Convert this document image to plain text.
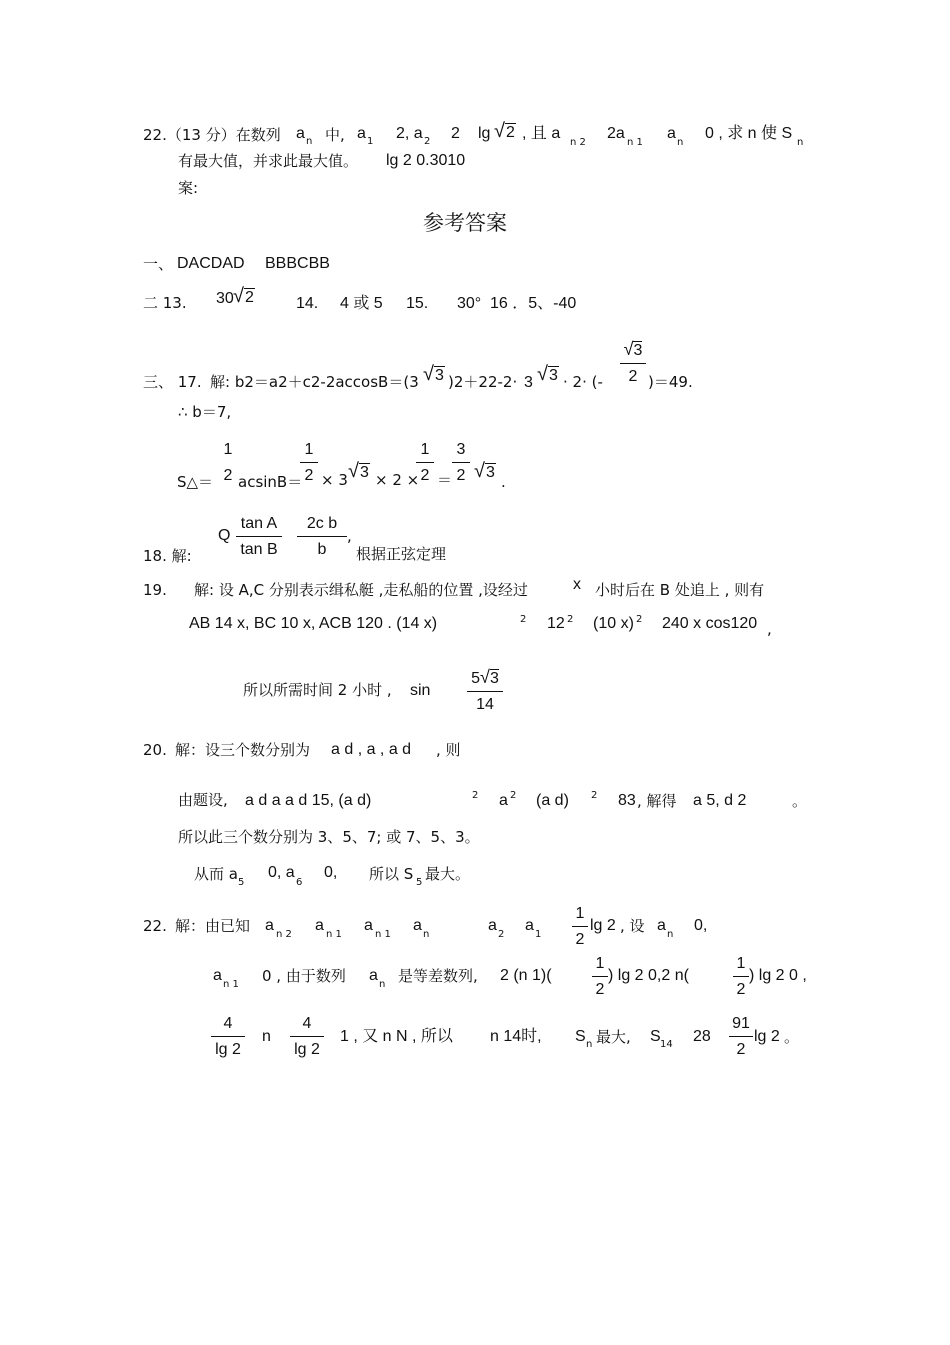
22.（13 分）在数列 a n 中, a 1 2, a 2 2 lg √2 , 且 a
n 2
2a
n 1
a
n
0 , 求 n 使 S
n
有最大值，并求此最大值。 lg 2 0.3010
案:
参考答案
一、 DACDAD BBBCBB
二 13. 30 √2	14. 4 或 5 15. 30° 16 ．5、-40
三、 17. 解: b2＝a2＋c2-2accosB＝(3 √3 )2＋22-2· 3 √3 · 2· (-
√3
2 )＝49.
∴ b＝7,
S△＝
1
2 acsinB＝
1
2 × 3 √3 × 2 ×
1
2 ＝
3
2 √3
.
18. 解:
Q
tan A
tan B
2c b
b
,
根据正弦定理
19. 解: 设 A,C 分别表示缉私艇 ,走私船的位置 ,设经过	x 小时后在 B 处追上 , 则有
AB 14 x, BC 10 x, ACB 120 . (14 x)	2 12 2 (10 x) 2 240 x cos120 ,
所以所需时间 2 小时 , sin
5√3
14
20. 解：设三个数分别为 a d , a , a d , 则
由题设, a d a a d 15, (a d)	2 a 2 (a d) 2 83 , 解得 a 5, d 2	。
所以此三个数分别为 3、5、7; 或 7、5、3。
从而 a 5
0, a
6
0, 所以 S 5 最大。
22. 解：由已知 a
n 2
a
n 1
a
n 1
a
n
a
2
a
1
1
2
lg 2 , 设 a
n
0,
a
n 1 0 , 由于数列 a
n 是等差数列, 2 (n 1)(
1
2
) lg 2 0,2 n(
1
2
) lg 2 0 ,
4
lg 2
n
4
lg 2
1 , 又 n N , 所以 n 14时, S n 最大, S 14 28
91
2
lg 2 。
